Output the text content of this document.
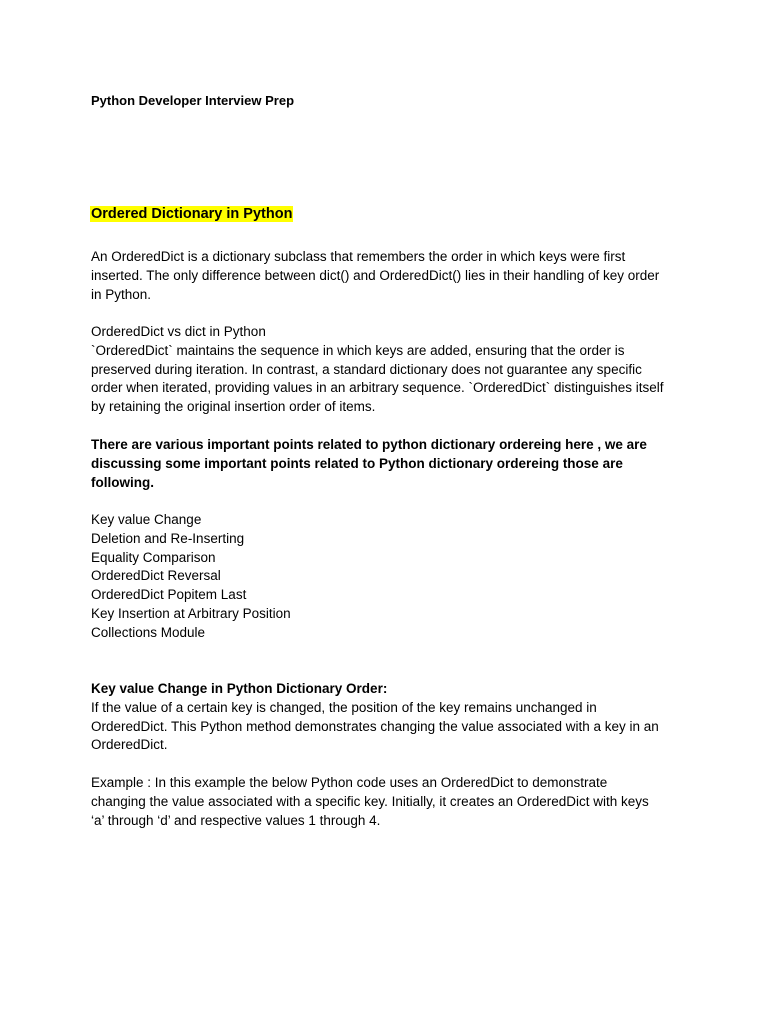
Python Developer Interview Prep
Ordered Dictionary in Python

An OrderedDict is a dictionary subclass that remembers the order in which keys were first
inserted. The only difference between dict() and OrderedDict() lies in their handling of key order
in Python.

OrderedDict vs dict in Python
`OrderedDict` maintains the sequence in which keys are added, ensuring that the order is
preserved during iteration. In contrast, a standard dictionary does not guarantee any specific
order when iterated, providing values in an arbitrary sequence. `OrderedDict` distinguishes itself
by retaining the original insertion order of items.

There are various important points related to python dictionary ordereing here , we are
discussing some important points related to Python dictionary ordereing those are
following.

Key value Change
Deletion and Re-Inserting
Equality Comparison
OrderedDict Reversal
OrderedDict Popitem Last
Key Insertion at Arbitrary Position
Collections Module

Key value Change in Python Dictionary Order:
If the value of a certain key is changed, the position of the key remains unchanged in
OrderedDict. This Python method demonstrates changing the value associated with a key in an
OrderedDict.

Example : In this example the below Python code uses an OrderedDict to demonstrate
changing the value associated with a specific key. Initially, it creates an OrderedDict with keys
‘a’ through ‘d’ and respective values 1 through 4.
